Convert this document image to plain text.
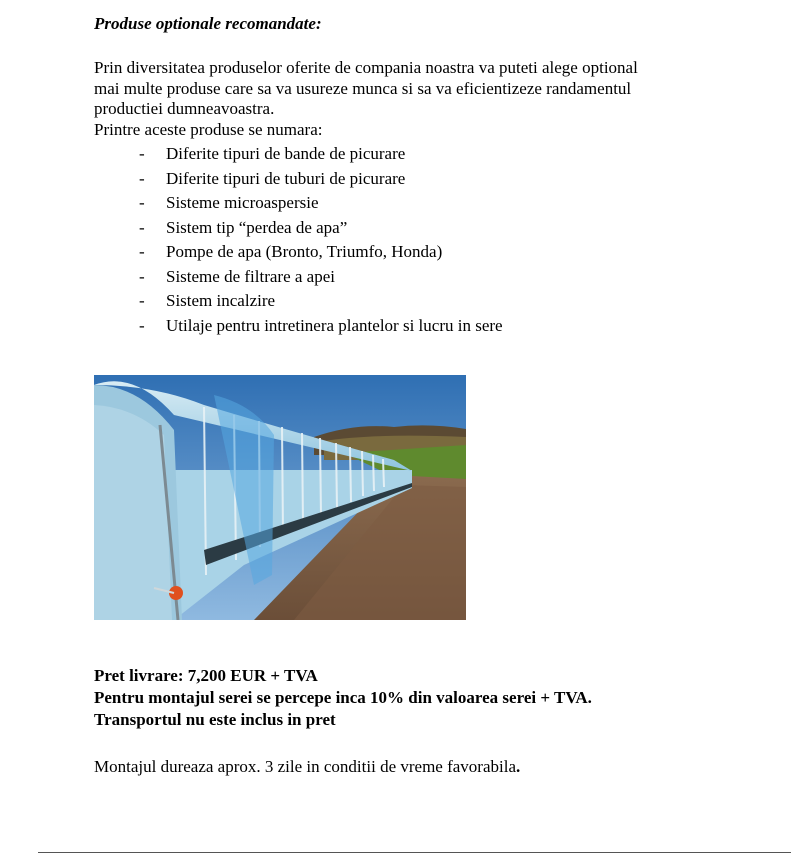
Produse optionale recomandate:

Prin diversitatea produselor oferite de compania noastra va puteti alege optional

mai multe produse care sa va usureze munca si sa va eficientizeze randamentul

productiei dumneavoastra.

Printre aceste produse se numara:

- Diferite tipuri de bande de picurare
- Diferite tipuri de tuburi de picurare
- Sisteme microaspersie
- Sistem tip “perdea de apa”
- Pompe de apa (Bronto, Triumfo, Honda)
- Sisteme de filtrare a apei
- Sistem incalzire
- Utilaje pentru intretinera plantelor si lucru in sere
Pret livrare: 7,200 EUR + TVA
Pentru montajul serei se percepe inca 10% din valoarea serei + TVA.
Transportul nu este inclus in pret
Montajul dureaza aprox. 3 zile in conditii de vreme favorabila.
